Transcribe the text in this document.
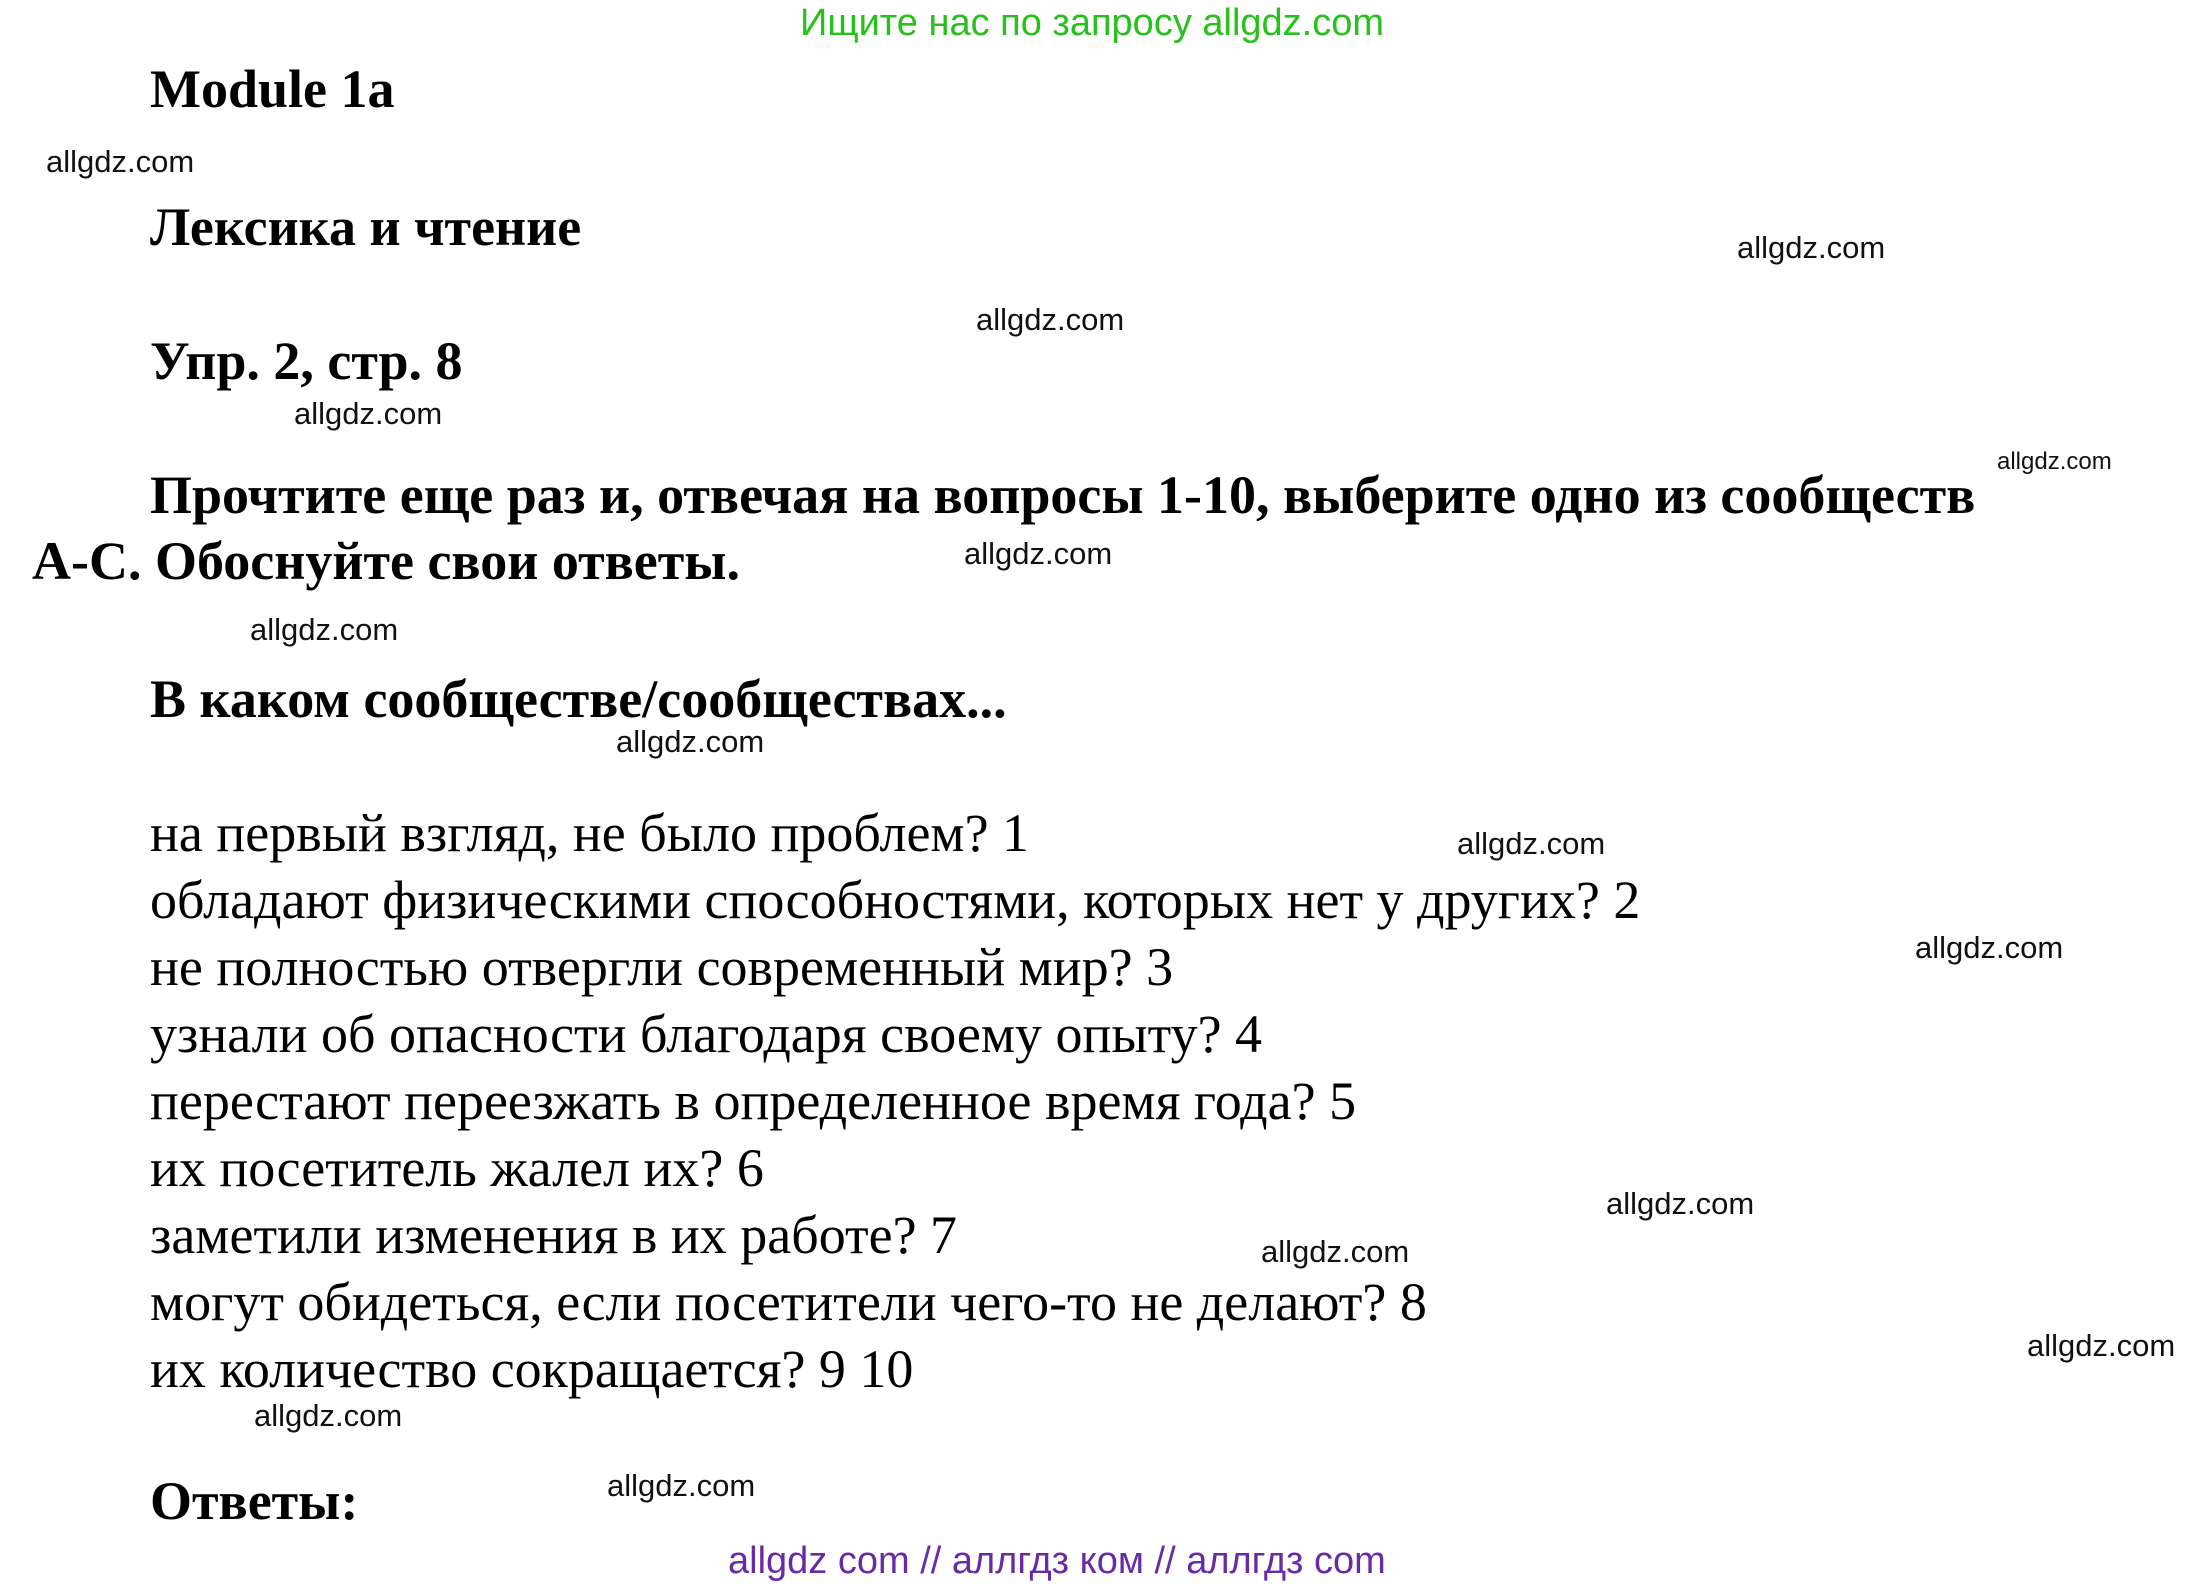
Ищите нас по запросу allgdz.com
Module 1a
Лексика и чтение
Упр. 2, стр. 8
Прочтите еще раз и, отвечая на вопросы 1-10, выберите одно из сообществ
A-C. Обоснуйте свои ответы.
В каком сообществе/сообществах...
на первый взгляд, не было проблем? 1
обладают физическими способностями, которых нет у других? 2
не полностью отвергли современный мир? 3
узнали об опасности благодаря своему опыту? 4
перестают переезжать в определенное время года? 5
их посетитель жалел их? 6
заметили изменения в их работе? 7
могут обидеться, если посетители чего-то не делают? 8
их количество сокращается? 9 10
Ответы:
allgdz.com
allgdz.com
allgdz.com
allgdz.com
allgdz.com
allgdz.com
allgdz.com
allgdz.com
allgdz.com
allgdz.com
allgdz.com
allgdz.com
allgdz.com
allgdz.com
allgdz.com
allgdz com // аллгдз ком // аллгдз com
